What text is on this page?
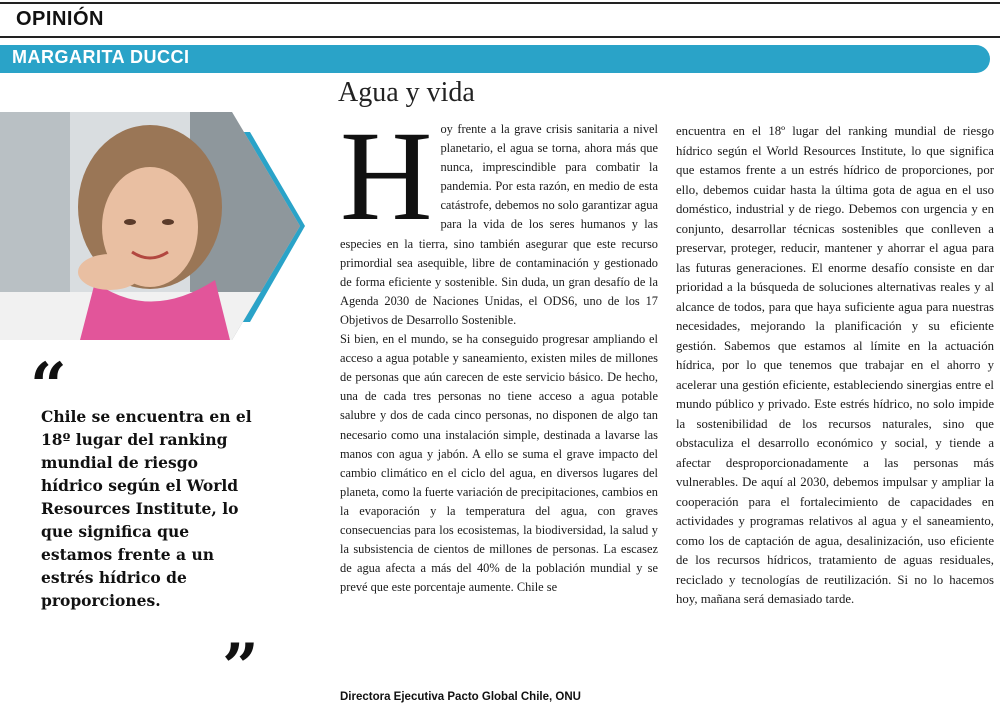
OPINIÓN
MARGARITA DUCCI
Agua y vida
“
Chile se encuentra en el 18º lugar del ranking mundial de riesgo hídrico según el World Resources Institute, lo que significa que estamos frente a un estrés hídrico de proporciones.
”

Hoy frente a la grave crisis sanitaria a nivel planetario, el agua se torna, ahora más que nunca, imprescindible para combatir la pandemia. Por esta razón, en medio de esta catástrofe, debemos no solo garantizar agua para la vida de los seres humanos y las especies en la tierra, sino también asegurar que este recurso primordial sea asequible, libre de contaminación y gestionado de forma eficiente y sostenible. Sin duda, un gran desafío de la Agenda 2030 de Naciones Unidas, el ODS6, uno de los 17 Objetivos de Desarrollo Sostenible.

Si bien, en el mundo, se ha conseguido progresar ampliando el acceso a agua potable y saneamiento, existen miles de millones de personas que aún carecen de este servicio básico. De hecho, una de cada tres personas no tiene acceso a agua potable salubre y dos de cada cinco personas, no disponen de algo tan necesario como una instalación simple, destinada a lavarse las manos con agua y jabón. A ello se suma el grave impacto del cambio climático en el ciclo del agua, en diversos lugares del planeta, como la fuerte variación de precipitaciones, cambios en la evaporación y la temperatura del agua, con graves consecuencias para los ecosistemas, la biodiversidad, la salud y la subsistencia de cientos de millones de personas. La escasez de agua afecta a más del 40% de la población mundial y se prevé que este porcentaje aumente. Chile se

encuentra en el 18º lugar del ranking mundial de riesgo hídrico según el World Resources Institute, lo que significa que estamos frente a un estrés hídrico de proporciones, por ello, debemos cuidar hasta la última gota de agua en el uso doméstico, industrial y de riego. Debemos con urgencia y en conjunto, desarrollar técnicas sostenibles que conlleven a preservar, proteger, reducir, mantener y ahorrar el agua para las futuras generaciones. El enorme desafío consiste en dar prioridad a la búsqueda de soluciones alternativas reales y al alcance de todos, para que haya suficiente agua para nuestras necesidades, mejorando la planificación y su eficiente gestión. Sabemos que estamos al límite en la actuación hídrica, por lo que tenemos que trabajar en el ahorro y acelerar una gestión eficiente, estableciendo sinergias entre el mundo público y privado. Este estrés hídrico, no solo impide la sostenibilidad de los recursos naturales, sino que obstaculiza el desarrollo económico y social, y tiende a afectar desproporcionadamente a las personas más vulnerables. De aquí al 2030, debemos impulsar y ampliar la cooperación para el fortalecimiento de capacidades en actividades y programas relativos al agua y el saneamiento, como los de captación de agua, desalinización, uso eficiente de los recursos hídricos, tratamiento de aguas residuales, reciclado y tecnologías de reutilización. Si no lo hacemos hoy, mañana será demasiado tarde.

Directora Ejecutiva Pacto Global Chile, ONU
